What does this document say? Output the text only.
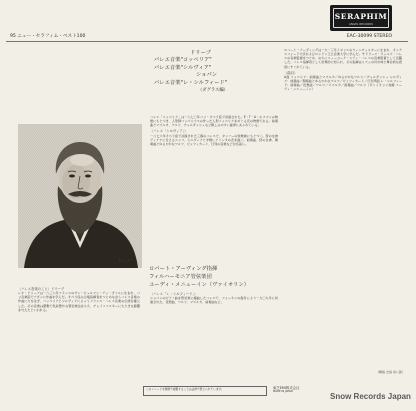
SERAPHIM
ANGEL RECORDS
95 ニュー・セラフィム・ベスト100	EAC-30099 STEREO
ドリーブ
バレエ音楽"コッペリア"
バレエ音楽"シルヴィア"
ショパン
バレエ音楽"レ・シルフィード"
（ダグラス編）
ドリーブ
ロバート・アーヴィング指揮
フィルハーモニア管弦楽団
ユーディ・メニューイン（ヴァイオリン）

〈バレエ音楽のこと〉ドリーブ

レオ・ドリーブは一八三六年フランスのサン・ジェルマン・デュ・ヴァルに生まれ、パリ音楽院でアダンに作曲を学んだ。オペラ座の合唱指揮者をつとめながらバレエ音楽の作曲に力を注ぎ、コッペリアとシルヴィアによってフランス・バレエ音楽の伝統を確立した。その音楽は優雅で色彩豊かな管弦楽法をもち、チャイコフスキーにも大きな影響を与えたといわれる。

バレエ「コッペリア」は一八七〇年パリ・オペラ座で初演された。E・T・A・ホフマンの物語にもとづき、人形師コッペリウスの作った人形コッペリアをめぐる恋の物語である。前奏曲とマズルカ、ワルツ、チャルダッシュなど親しみやすい旋律にあふれている。

〈バレエ「シルヴィア」〉

一八七六年オペラ座で初演された三幕のバレエで、タッソーの牧歌劇にもとづく。狩の女神ディアナに仕えるニンフ、シルヴィアと羊飼いアミンタの恋を描く。前奏曲、狩の女神、間奏曲とゆるやかなワルツ、ピッツィカート、行列の音楽などが名高い。

〈バレエ「レ・シルフィード」〉

ショパンのピアノ曲を管弦楽に編曲したバレエで、フォーキンの振付により一九〇九年に初演された。夜想曲、ワルツ、マズルカ、前奏曲など。

ロバート・アーヴィングは一九一三年イギリスのウィンチェスターに生まれ、オックスフォード大学およびロンドン王立音楽大学に学んだ。サドラーズ・ウェルズ・バレエの音楽監督をつとめ、のちにニューヨーク・シティ・バレエの音楽監督として活躍した。バレエ指揮者として世界的に知られ、その指揮はリズムの切れ味と舞台的な感覚にすぐれている。

〈曲目〉

A面 コッペリア：前奏曲とマズルカ／ゆるやかなワルツ／チャルダッシュ シルヴィア：前奏曲／間奏曲とゆるやかなワルツ／ピッツィカート／行列 B面 レ・シルフィード：前奏曲／夜想曲／ワルツ／マズルカ／前奏曲／ワルツ（ヴァイオリン独奏 ユーディ・メニューイン）

（解説 志鳥 栄八郎）
このレコードを無断で複製することは法律で禁じられています。	東芝EMI株式会社
MADE IN JAPAN
Snow Records Japan
